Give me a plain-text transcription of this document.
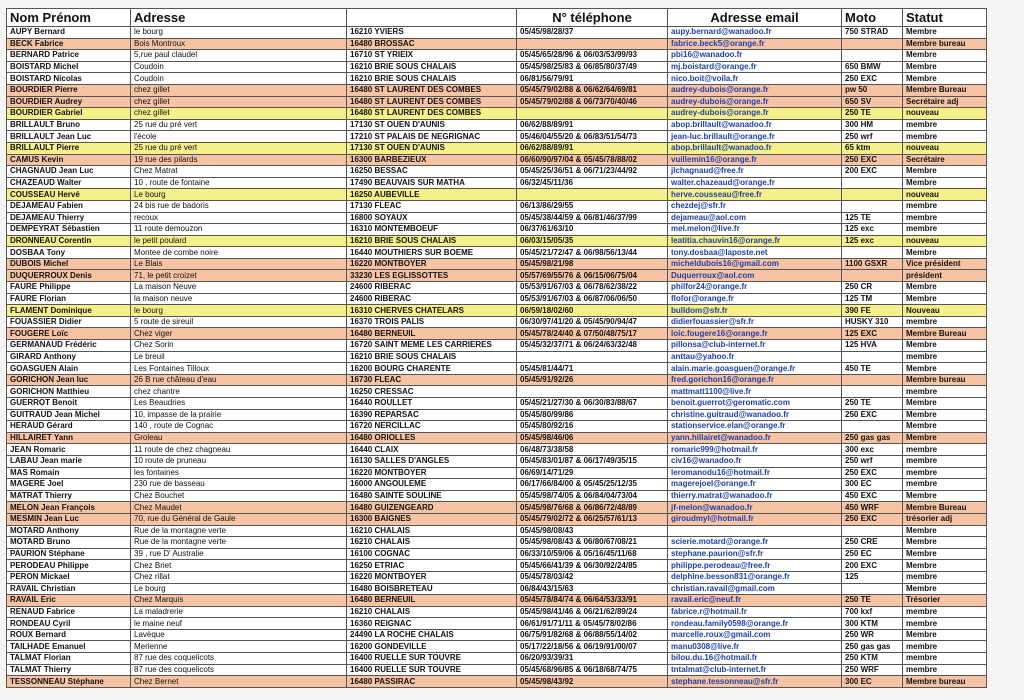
Nom Prénom	Adresse		N° téléphone	Adresse email	Moto	Statut
AUPY Bernard	le bourg	16210 YVIERS	05/45/98/28/37	aupy.bernard@wanadoo.fr	750 STRAD	Membre
BECK Fabrice	Bois Montroux	16480 BROSSAC		fabrice.beck5@orange.fr		Membre bureau
BERNARD Patrice	5,rue paul claudel	16710 ST YRIEIX	05/45/65/28/96 & 06/03/53/99/93	pbi16@wanadoo.fr		Membre
BOISTARD Michel	Coudoin	16210 BRIE SOUS CHALAIS	05/45/98/25/83 & 06/85/80/37/49	mj.boistard@orange.fr	650 BMW	Membre
BOISTARD Nicolas	Coudoin	16210 BRIE SOUS CHALAIS	06/81/56/79/91	nico.boit@voila.fr	250 EXC	Membre
BOURDIER Pierre	chez gillet	16480 ST LAURENT DES COMBES	05/45/79/02/88 & 06/62/64/69/81	audrey-dubois@orange.fr	pw 50	Membre Bureau
BOURDIER Audrey	chez gillet	16480 ST LAURENT DES COMBES	05/45/79/02/88 & 06/73/70/40/46	audrey-dubois@orange.fr	650 SV	Secrétaire adj
BOURDIER Gabriel	chez gillet	16480 ST LAURENT DES COMBES		audrey-dubois@orange.fr	250 TE	nouveau
BRILLAULT Bruno	25 rue du pré vert	17130 ST OUEN D'AUNIS	06/62/88/89/91	abop.brillault@wanadoo.fr	300 HM	membre
BRILLAULT Jean Luc	l'école	17210 ST PALAIS DE NEGRIGNAC	05/46/04/55/20 & 06/83/51/54/73	jean-luc.brillault@orange.fr	250 wrf	membre
BRILLAULT Pierre	25 rue du pré vert	17130 ST OUEN D'AUNIS	06/62/88/89/91	abop.brillault@wanadoo.fr	65 ktm	nouveau
CAMUS Kevin	19 rue des pilards	16300 BARBEZIEUX	06/60/90/97/04 & 05/45/78/88/02	vuillemin16@orange.fr	250 EXC	Secrétaire
CHAGNAUD Jean Luc	Chez Matrat	16250 BESSAC	05/45/25/36/51 & 06/71/23/44/92	jlchagnaud@free.fr	200 EXC	Membre
CHAZEAUD Walter	10 , route de fontaine	17490 BEAUVAIS SUR MATHA	06/32/45/11/36	walter.chazeaud@orange.fr		Membre
COUSSEAU Hervé	Le bourg	16250 AUBEVILLE		herve.cousseau@free.fr		nouveau
DEJAMEAU Fabien	24 bis rue de badoris	17130 FLEAC	06/13/86/29/55	chezdej@sfr.fr		membre
DEJAMEAU Thierry	recoux	16800 SOYAUX	05/45/38/44/59 & 06/81/46/37/99	dejameau@aol.com	125 TE	membre
DEMPEYRAT Sébastien	11 route demouzon	16310 MONTEMBOEUF	06/37/61/63/10	mel.melon@live.fr	125 exc	membre
DRONNEAU Corentin	le petit poulard	16210 BRIE SOUS CHALAIS	06/03/15/05/35	leatitia.chauvin16@orange.fr	125 exc	nouveau
DOSBAA Tony	Montee de combe noire	16440 MOUTHIERS SUR BOEME	05/45/21/72/47 & 06/98/56/13/44	tony.dosbaa@laposte.net		Membre
DUBOIS Michel	Le Blais	16220 MONTBOYER	05/45/98/21/98	micheldubois16@gmail.com	1100 GSXR	Vice président
DUQUERROUX Denis	71, le petit croizet	33230 LES EGLISSOTTES	05/57/69/55/76 & 06/15/06/75/04	Duquerroux@aol.com		président
FAURE Philippe	La maison Neuve	24600 RIBERAC	05/53/91/67/03 & 06/78/62/38/22	philfor24@orange.fr	250 CR	Membre
FAURE Florian	la maison neuve	24600 RIBERAC	05/53/91/67/03 & 06/87/06/06/50	flofor@orange.fr	125 TM	Membre
FLAMENT Dominique	le bourg	16310 CHERVES CHATELARS	06/59/18/02/60	bulldom@sfr.fr	390 FE	Nouveau
FOUASSIER Didier	5 route de sireuil	16370 TROIS PALIS	06/30/97/41/20 & 05/45/90/94/47	didierfouassier@sfr.fr	HUSKY 310	membre
FOUGERE Loïc	Chez viger	16480 BERNEUIL	05/45/78/24/40 & 07/50/48/75/17	loic.fougere16@orange.fr	125 EXC	Membre Bureau
GERMANAUD Frédéric	Chez Sorin	16720 SAINT MEME LES CARRIERES	05/45/32/37/71 & 06/24/63/32/48	pillonsa@club-internet.fr	125 HVA	Membre
GIRARD Anthony	Le breuil	16210 BRIE SOUS CHALAIS		anttau@yahoo.fr		membre
GOASGUEN Alain	Les Fontaines Tilloux	16200 BOURG CHARENTE	05/45/81/44/71	alain.marie.goasguen@orange.fr	450 TE	Membre
GORICHON Jean luc	26 B rue château d'eau	16730 FLEAC	05/45/91/92/26	fred.gorichon16@orange.fr		Membre bureau
GORICHON Matthieu	chez chantre	16250 CRESSAC		mattmatt1100@live.fr		membre
GUERROT Benoit	Les Beaudries	16440 ROULLET	05/45/21/27/30 & 06/30/83/88/67	benoit.guerrot@geromatic.com	250 TE	Membre
GUITRAUD Jean Michel	10, impasse de la prairie	16390 REPARSAC	05/45/80/99/86	christine.guitraud@wanadoo.fr	250 EXC	Membre
HERAUD Gérard	140 , route de Cognac	16720 NERCILLAC	05/45/80/92/16	stationservice.elan@orange.fr		Membre
HILLAIRET Yann	Groleau	16480 ORIOLLES	05/45/98/46/06	yann.hillairet@wanadoo.fr	250 gas gas	Membre
JEAN Romaric	11 route de chez chagneau	16440 CLAIX	06/48/73/38/58	romaric999@hotmail.fr	300 exc	membre
LABAU Jean marie	10 route de pruneau	16130 SALLES D'ANGLES	05/45/83/01/87 & 06/17/49/35/15	civ16@wanadoo.fr	250 wrf	membre
MAS Romain	les fontaines	16220 MONTBOYER	06/69/14/71/29	leromanodu16@hotmail.fr	250 EXC	membre
MAGERE Joel	230 rue de basseau	16000 ANGOULEME	06/17/66/84/00 & 05/45/25/12/35	magerejoel@orange.fr	300 EC	membre
MATRAT Thierry	Chez Bouchet	16480 SAINTE SOULINE	05/45/98/74/05 & 06/84/04/73/04	thierry.matrat@wanadoo.fr	450 EXC	Membre
MELON Jean François	Chez Maudet	16480 GUIZENGEARD	05/45/98/76/68 & 06/86/72/48/89	jf-melon@wanadoo.fr	450 WRF	Membre Bureau
MESMIN Jean Luc	70, rue du Général de Gaule	16300 BAIGNES	05/45/79/02/72 & 06/25/57/61/13	giroudmyl@hotmail.fr	250 EXC	trésorier adj
MOTARD Anthony	Rue de la montagne verte	16210 CHALAIS	05/45/98/08/43			Membre
MOTARD Bruno	Rue de la montagne verte	16210 CHALAIS	05/45/98/08/43 & 06/80/67/08/21	scierie.motard@orange.fr	250 CRE	Membre
PAURION Stéphane	39 , rue D' Australie	16100 COGNAC	06/33/10/59/06 & 05/16/45/11/68	stephane.paurion@sfr.fr	250 EC	Membre
PERODEAU Philippe	Chez Briet	16250 ETRIAC	05/45/66/41/39 & 06/30/92/24/85	philippe.perodeau@free.fr	200 EXC	Membre
PERON Mickael	Chez rillat	16220 MONTBOYER	05/45/78/03/42	delphine.besson831@orange.fr	125	membre
RAVAIL Christian	Le bourg	16480 BOISBRETEAU	06/84/43/15/63	christian.ravail@gmail.com		Membre
RAVAIL Eric	Chez Marquis	16480 BERNEUIL	05/45/78/84/74 & 06/64/53/33/91	ravail.eric@neuf.fr	250 TE	Trésorier
RENAUD Fabrice	La maladrerie	16210 CHALAIS	05/45/98/41/46 & 06/21/62/89/24	fabrice.r@hotmail.fr	700 kxf	membre
RONDEAU Cyril	le maine neuf	16360 REIGNAC	06/61/91/71/11 & 05/45/78/02/86	rondeau.family0598@orange.fr	300 KTM	membre
ROUX Bernard	Lavèque	24490 LA ROCHE CHALAIS	06/75/91/82/68 & 06/88/55/14/02	marcelle.roux@gmail.com	250 WR	Membre
TAILHADE Emanuel	Merienne	16200 GONDEVILLE	05/17/22/18/56 & 06/19/91/00/07	manu0308@live.fr	250 gas gas	membre
TALMAT Florian	87 rue des coquelicots	16400 RUELLE SUR TOUVRE	06/20/93/39/31	bilou.du.16@hotmail.fr	250 KTM	membre
TALMAT Thierry	87 rue des coquelicots	16400 RUELLE SUR TOUVRE	05/45/68/96/85 & 06/18/68/74/75	tntalmat@club-internet.fr	250 WRF	membre
TESSONNEAU Stéphane	Chez Bernet	16480 PASSIRAC	05/45/98/43/92	stephane.tessonneau@sfr.fr	300 EC	Membre bureau
